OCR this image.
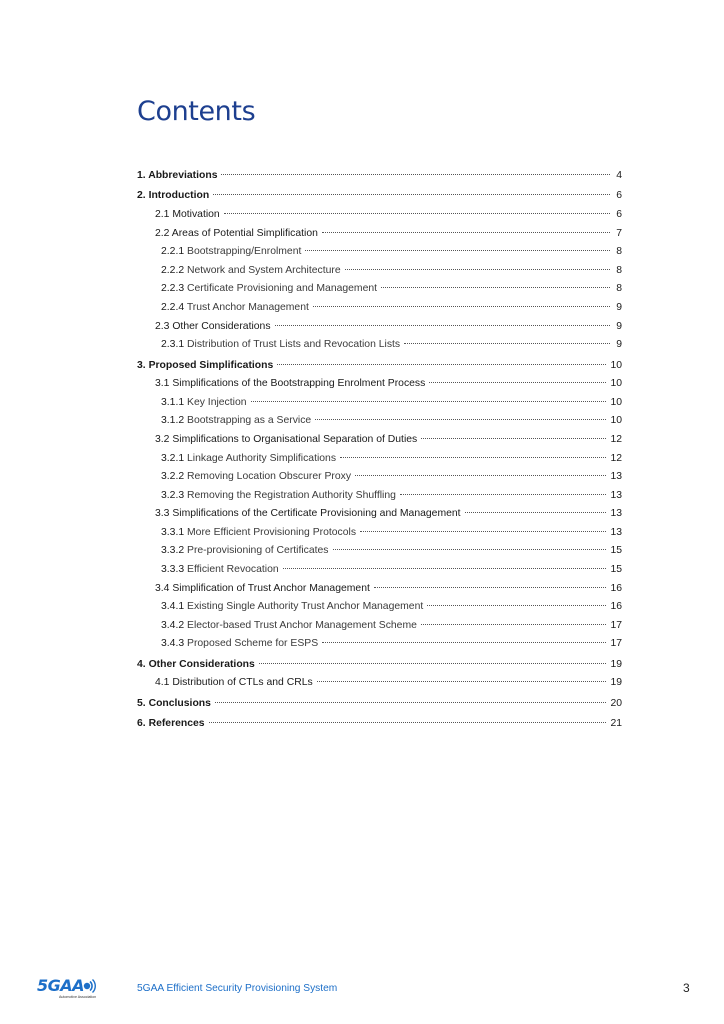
Contents
1. Abbreviations	4
2. Introduction	6
2.1 Motivation	6
2.2 Areas of Potential Simplification	7
2.2.1 Bootstrapping/Enrolment	8
2.2.2 Network and System Architecture	8
2.2.3 Certificate Provisioning and Management	8
2.2.4 Trust Anchor Management	9
2.3 Other Considerations	9
2.3.1 Distribution of Trust Lists and Revocation Lists	9
3. Proposed Simplifications	10
3.1 Simplifications of the Bootstrapping Enrolment Process	10
3.1.1 Key Injection	10
3.1.2 Bootstrapping as a Service	10
3.2 Simplifications to Organisational Separation of Duties	12
3.2.1 Linkage Authority Simplifications	12
3.2.2 Removing Location Obscurer Proxy	13
3.2.3 Removing the Registration Authority Shuffling	13
3.3 Simplifications of the Certificate Provisioning and Management	13
3.3.1 More Efficient Provisioning Protocols	13
3.3.2 Pre-provisioning of Certificates	15
3.3.3 Efficient Revocation	15
3.4 Simplification of Trust Anchor Management	16
3.4.1 Existing Single Authority Trust Anchor Management	16
3.4.2 Elector-based Trust Anchor Management Scheme	17
3.4.3 Proposed Scheme for ESPS	17
4. Other Considerations	19
4.1 Distribution of CTLs and CRLs	19
5. Conclusions	20
6. References	21
5GAA
Automotive Association
5GAA Efficient Security Provisioning System	3
